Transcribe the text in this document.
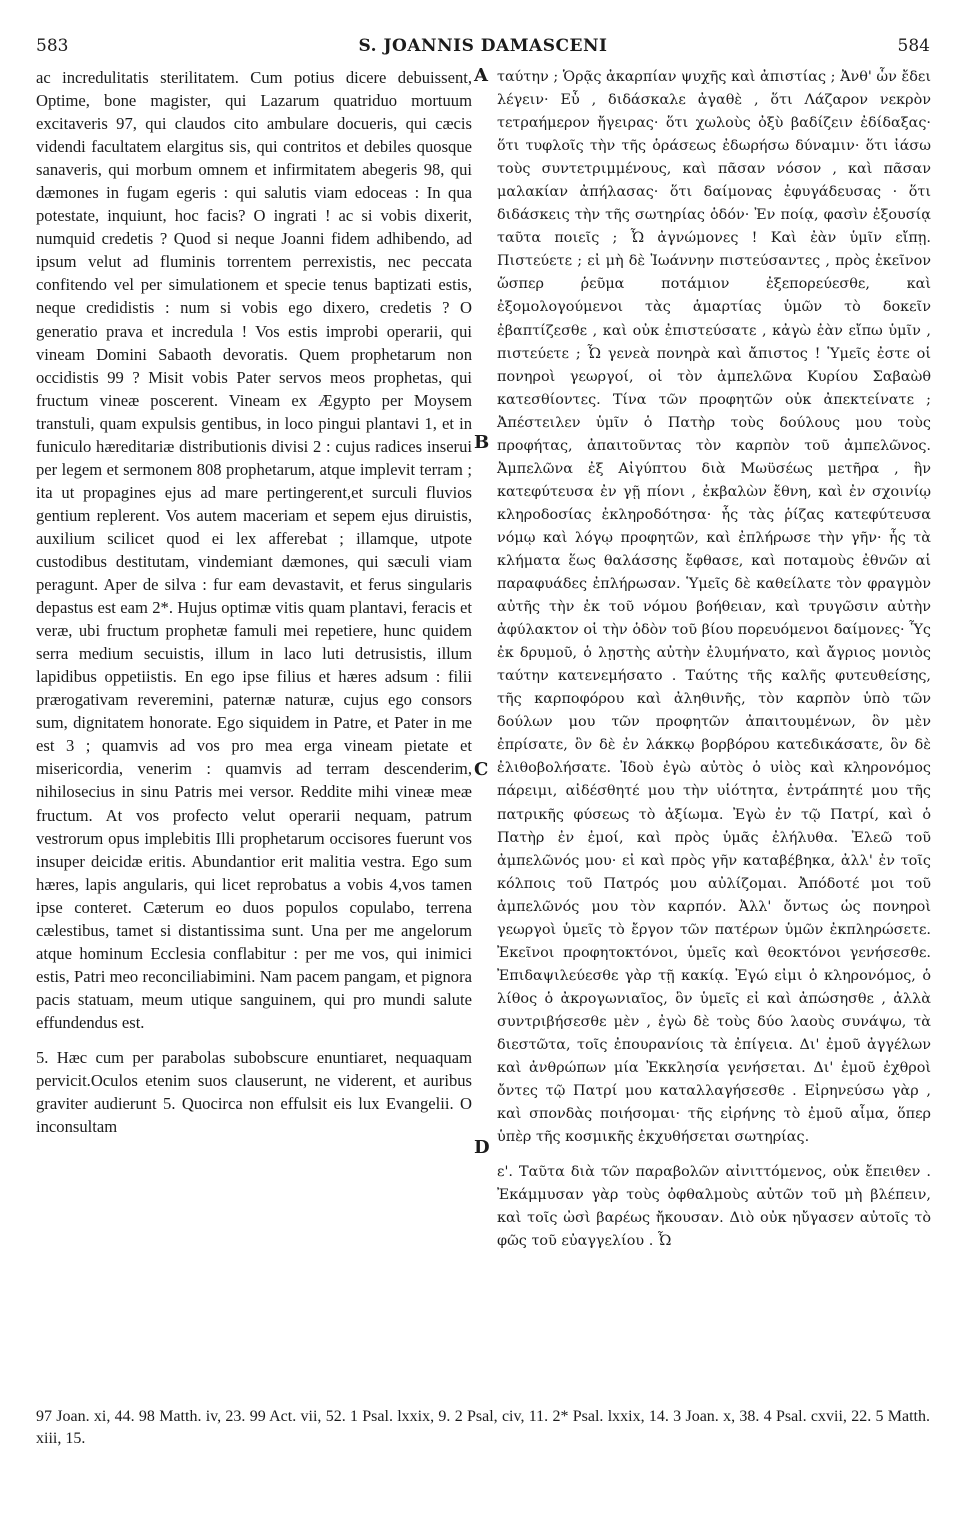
583	S. JOANNIS DAMASCENI	584

ac incredulitatis sterilitatem. Cum potius dicere debuissent, Optime, bone magister, qui Lazarum quatriduo mortuum excitaveris 97, qui claudos cito ambulare docueris, qui cæcis videndi facultatem elargitus sis, qui contritos et debiles quosque sanaveris, qui morbum omnem et infirmitatem abegeris 98, qui dæmones in fugam egeris : qui salutis viam edoceas : In qua potestate, inquiunt, hoc facis? O ingrati ! ac si vobis dixerit, numquid credetis ? Quod si neque Joanni fidem adhibendo, ad ipsum velut ad fluminis torrentem perrexistis, nec peccata confitendo vel per simulationem et specie tenus baptizati estis, neque credidistis : num si vobis ego dixero, credetis ? O generatio prava et incredula ! Vos estis improbi operarii, qui vineam Domini Sabaoth devoratis. Quem prophetarum non occidistis 99 ? Misit vobis Pater servos meos prophetas, qui fructum vineæ poscerent. Vineam ex Ægypto per Moysem transtuli, quam expulsis gentibus, in loco pingui plantavi 1, et in funiculo hæreditariæ distributionis divisi 2 : cujus radices inserui per legem et sermonem 808 prophetarum, atque implevit terram ; ita ut propagines ejus ad mare pertingerent,et surculi fluvios gentium replerent. Vos autem maceriam et sepem ejus diruistis, auxilium scilicet quod ei lex afferebat ; illamque, utpote custodibus destitutam, vindemiant dæmones, qui sæculi viam peragunt. Aper de silva : fur eam devastavit, et ferus singularis depastus est eam 2*. Hujus optimæ vitis quam plantavi, feracis et veræ, ubi fructum prophetæ famuli mei repetiere, hunc quidem serra medium secuistis, illum in laco luti detrusistis, illum lapidibus oppetiistis. En ego ipse filius et hæres adsum : filii prærogativam reveremini, paternæ naturæ, cujus ego consors sum, dignitatem honorate. Ego siquidem in Patre, et Pater in me est 3 ; quamvis ad vos pro mea erga vineam pietate et misericordia, venerim : quamvis ad terram descenderim, nihilosecius in sinu Patris mei versor. Reddite mihi vineæ meæ fructum. At vos profecto velut operarii nequam, patrum vestrorum opus implebitis Illi prophetarum occisores fuerunt vos insuper deicidæ eritis. Abundantior erit malitia vestra. Ego sum hæres, lapis angularis, qui licet reprobatus a vobis 4,vos tamen ipse conteret. Cæterum eo duos populos copulabo, terrena cælestibus, tamet si distantissima sunt. Una per me angelorum atque hominum Ecclesia conflabitur : per me vos, qui inimici estis, Patri meo reconciliabimini. Nam pacem pangam, et pignora pacis statuam, meum utique sanguinem, qui pro mundi salute effundendus est.

5. Hæc cum per parabolas subobscure enuntiaret, nequaquam pervicit.Oculos etenim suos clauserunt, ne viderent, et auribus graviter audierunt 5. Quocirca non effulsit eis lux Evangelii. O inconsultam

A
B
C
D

ταύτην ; Ὁρᾷς ἀκαρπίαν ψυχῆς καὶ ἀπιστίας ; Ἀνθ' ὧν ἔδει λέγειν· Εὖ , διδάσκαλε ἀγαθὲ , ὅτι Λάζαρον νεκρὸν τετραήμερον ἤγειρας· ὅτι χωλοὺς ὀξὺ βαδίζειν ἐδίδαξας· ὅτι τυφλοῖς τὴν τῆς ὁράσεως ἐδωρήσω δύναμιν· ὅτι ἰάσω τοὺς συντετριμμένους, καὶ πᾶσαν νόσον , καὶ πᾶσαν μαλακίαν ἀπήλασας· ὅτι δαίμονας ἐφυγάδευσας · ὅτι διδάσκεις τὴν τῆς σωτηρίας ὁδόν· Ἐν ποίᾳ, φασὶν ἐξουσίᾳ ταῦτα ποιεῖς ; Ὦ ἀγνώμονες ! Καὶ ἐὰν ὑμῖν εἴπῃ. Πιστεύετε ; εἰ μὴ δὲ Ἰωάννην πιστεύσαντες , πρὸς ἐκεῖνον ὥσπερ ῥεῦμα ποτάμιον ἐξεπορεύεσθε, καὶ ἐξομολογούμενοι τὰς ἁμαρτίας ὑμῶν τὸ δοκεῖν ἐβαπτίζεσθε , καὶ οὐκ ἐπιστεύσατε , κἀγὼ ἐὰν εἴπω ὑμῖν , πιστεύετε ; Ὦ γενεὰ πονηρὰ καὶ ἄπιστος ! Ὑμεῖς ἐστε οἱ πονηροὶ γεωργοί, οἱ τὸν ἀμπελῶνα Κυρίου Σαβαὼθ κατεσθίοντες. Τίνα τῶν προφητῶν οὐκ ἀπεκτείνατε ; Ἀπέστειλεν ὑμῖν ὁ Πατὴρ τοὺς δούλους μου τοὺς προφήτας, ἀπαιτοῦντας τὸν καρπὸν τοῦ ἀμπελῶνος. Ἀμπελῶνα ἐξ Αἰγύπτου διὰ Μωϋσέως μετῆρα , ἣν κατεφύτευσα ἐν γῇ πίονι , ἐκβαλὼν ἔθνη, καὶ ἐν σχοινίῳ κληροδοσίας ἐκληροδότησα· ἧς τὰς ῥίζας κατεφύτευσα νόμῳ καὶ λόγῳ προφητῶν, καὶ ἐπλήρωσε τὴν γῆν· ἧς τὰ κλήματα ἕως θαλάσσης ἔφθασε, καὶ ποταμοὺς ἐθνῶν αἱ παραφυάδες ἐπλήρωσαν. Ὑμεῖς δὲ καθείλατε τὸν φραγμὸν αὐτῆς τὴν ἐκ τοῦ νόμου βοήθειαν, καὶ τρυγῶσιν αὐτὴν ἀφύλακτον οἱ τὴν ὁδὸν τοῦ βίου πορευόμενοι δαίμονες· Ὗς ἐκ δρυμοῦ, ὁ λῃστὴς αὐτὴν ἐλυμήνατο, καὶ ἄγριος μονιὸς ταύτην κατενεμήσατο . Ταύτης τῆς καλῆς φυτευθείσης, τῆς καρποφόρου καὶ ἀληθινῆς, τὸν καρπὸν ὑπὸ τῶν δούλων μου τῶν προφητῶν ἀπαιτουμένων, ὃν μὲν ἐπρίσατε, ὃν δὲ ἐν λάκκῳ βορβόρου κατεδικάσατε, ὃν δὲ ἐλιθοβολήσατε. Ἰδοὺ ἐγὼ αὐτὸς ὁ υἱὸς καὶ κληρονόμος πάρειμι, αἰδέσθητέ μου τὴν υἱότητα, ἐντράπητέ μου τῆς πατρικῆς φύσεως τὸ ἀξίωμα. Ἐγὼ ἐν τῷ Πατρί, καὶ ὁ Πατὴρ ἐν ἐμοί, καὶ πρὸς ὑμᾶς ἐλήλυθα. Ἐλεῶ τοῦ ἀμπελῶνός μου· εἰ καὶ πρὸς γῆν καταβέβηκα, ἀλλ' ἐν τοῖς κόλποις τοῦ Πατρός μου αὐλίζομαι. Ἀπόδοτέ μοι τοῦ ἀμπελῶνός μου τὸν καρπόν. Ἀλλ' ὄντως ὡς πονηροὶ γεωργοὶ ὑμεῖς τὸ ἔργον τῶν πατέρων ὑμῶν ἐκπληρώσετε. Ἐκεῖνοι προφητοκτόνοι, ὑμεῖς καὶ θεοκτόνοι γενήσεσθε. Ἐπιδαψιλεύεσθε γὰρ τῇ κακίᾳ. Ἐγώ εἰμι ὁ κληρονόμος, ὁ λίθος ὁ ἀκρογωνιαῖος, ὃν ὑμεῖς εἰ καὶ ἀπώσησθε , ἀλλὰ συντριβήσεσθε μὲν , ἐγὼ δὲ τοὺς δύο λαοὺς συνάψω, τὰ διεστῶτα, τοῖς ἐπουρανίοις τὰ ἐπίγεια. Δι' ἐμοῦ ἀγγέλων καὶ ἀνθρώπων μία Ἐκκλησία γενήσεται. Δι' ἐμοῦ ἐχθροὶ ὄντες τῷ Πατρί μου καταλλαγήσεσθε . Εἰρηνεύσω γὰρ , καὶ σπονδὰς ποιήσομαι· τῆς εἰρήνης τὸ ἐμοῦ αἷμα, ὅπερ ὑπὲρ τῆς κοσμικῆς ἐκχυθήσεται σωτηρίας.

ε'. Ταῦτα διὰ τῶν παραβολῶν αἰνιττόμενος, οὐκ ἔπειθεν . Ἐκάμμυσαν γὰρ τοὺς ὀφθαλμοὺς αὐτῶν τοῦ μὴ βλέπειν, καὶ τοῖς ὠσὶ βαρέως ἤκουσαν. Διὸ οὐκ ηὔγασεν αὐτοῖς τὸ φῶς τοῦ εὐαγγελίου . Ὦ

97 Joan. xi, 44. 98 Matth. iv, 23. 99 Act. vii, 52. 1 Psal. lxxix, 9. 2 Psal, civ, 11. 2* Psal. lxxix, 14. 3 Joan. x, 38. 4 Psal. cxvii, 22. 5 Matth. xiii, 15.
